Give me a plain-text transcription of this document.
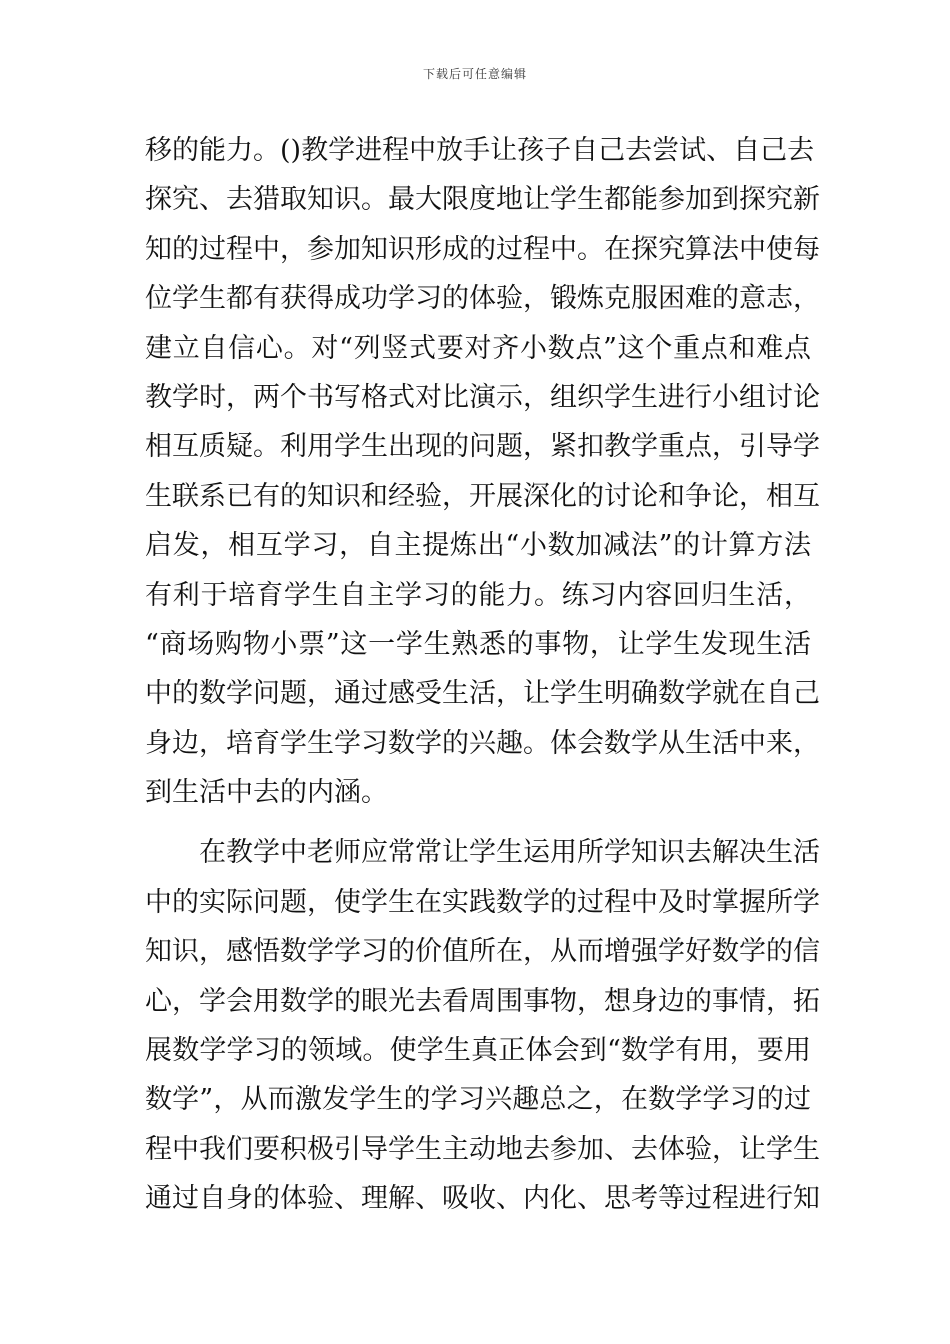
下载后可任意编辑
移的能力。()教学进程中放手让孩子自己去尝试、自己去
探究、去猎取知识。最大限度地让学生都能参加到探究新
知的过程中，参加知识形成的过程中。在探究算法中使每
位学生都有获得成功学习的体验，锻炼克服困难的意志，
建立自信心。对“列竖式要对齐小数点”这个重点和难点
教学时，两个书写格式对比演示，组织学生进行小组讨论
相互质疑。利用学生出现的问题，紧扣教学重点，引导学
生联系已有的知识和经验，开展深化的讨论和争论，相互
启发，相互学习，自主提炼出“小数加减法”的计算方法
有利于培育学生自主学习的能力。练习内容回归生活，
“商场购物小票”这一学生熟悉的事物，让学生发现生活
中的数学问题，通过感受生活，让学生明确数学就在自己
身边，培育学生学习数学的兴趣。体会数学从生活中来，
到生活中去的内涵。
　　在教学中老师应常常让学生运用所学知识去解决生活
中的实际问题，使学生在实践数学的过程中及时掌握所学
知识，感悟数学学习的价值所在，从而增强学好数学的信
心，学会用数学的眼光去看周围事物，想身边的事情，拓
展数学学习的领域。使学生真正体会到“数学有用，要用
数学”，从而激发学生的学习兴趣总之，在数学学习的过
程中我们要积极引导学生主动地去参加、去体验，让学生
通过自身的体验、理解、吸收、内化、思考等过程进行知
